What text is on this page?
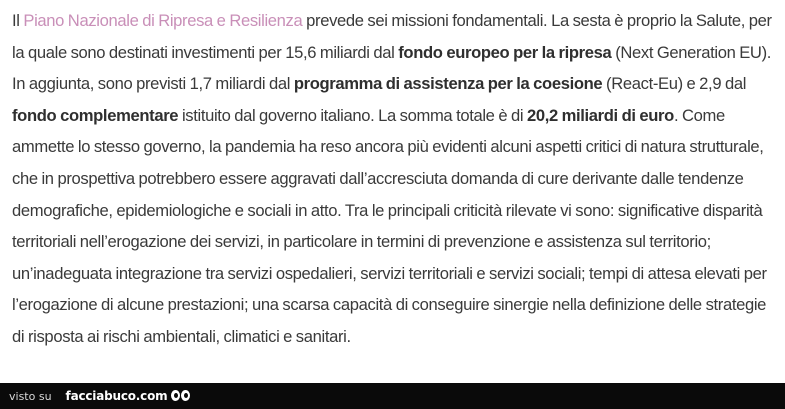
Il Piano Nazionale di Ripresa e Resilienza prevede sei missioni fondamentali. La sesta è proprio la Salute, per la quale sono destinati investimenti per 15,6 miliardi dal fondo europeo per la ripresa (Next Generation EU). In aggiunta, sono previsti 1,7 miliardi dal programma di assistenza per la coesione (React-Eu) e 2,9 dal fondo complementare istituito dal governo italiano. La somma totale è di 20,2 miliardi di euro. Come ammette lo stesso governo, la pandemia ha reso ancora più evidenti alcuni aspetti critici di natura strutturale, che in prospettiva potrebbero essere aggravati dall’accresciuta domanda di cure derivante dalle tendenze demografiche, epidemiologiche e sociali in atto. Tra le principali criticità rilevate vi sono: significative disparità territoriali nell’erogazione dei servizi, in particolare in termini di prevenzione e assistenza sul territorio; un’inadeguata integrazione tra servizi ospedalieri, servizi territoriali e servizi sociali; tempi di attesa elevati per l’erogazione di alcune prestazioni; una scarsa capacità di conseguire sinergie nella definizione delle strategie di risposta ai rischi ambientali, climatici e sanitari.

visto su facciabuco.com
